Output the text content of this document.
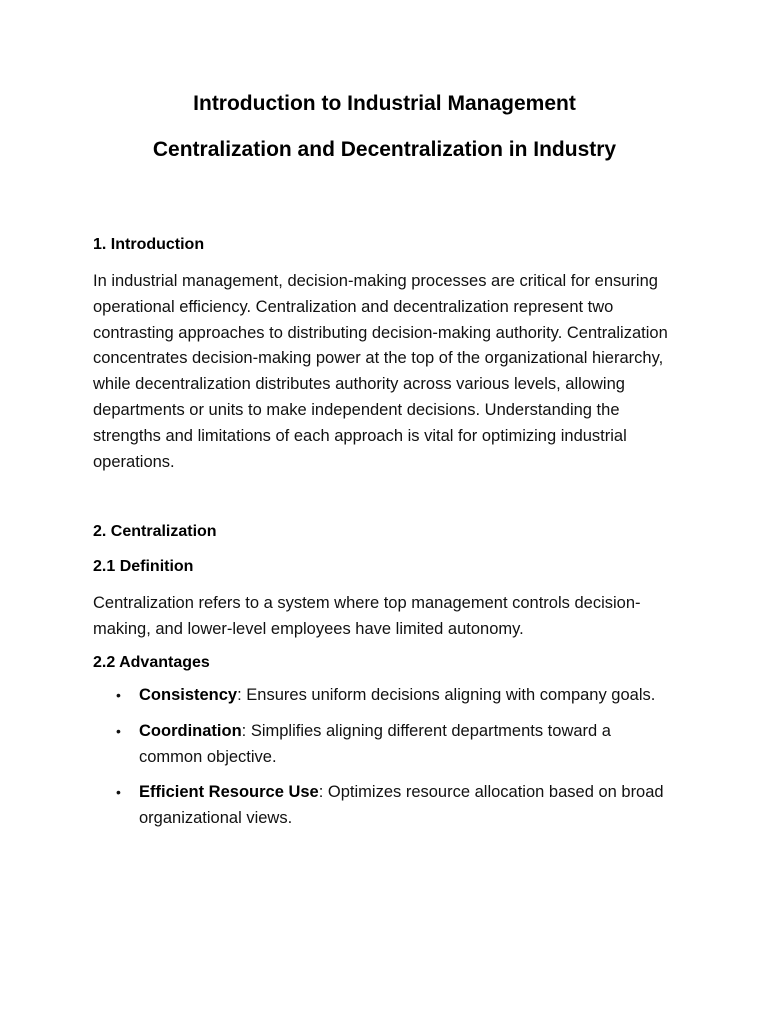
Introduction to Industrial Management
Centralization and Decentralization in Industry
1. Introduction

In industrial management, decision-making processes are critical for ensuring operational efficiency. Centralization and decentralization represent two contrasting approaches to distributing decision-making authority. Centralization concentrates decision-making power at the top of the organizational hierarchy, while decentralization distributes authority across various levels, allowing departments or units to make independent decisions. Understanding the strengths and limitations of each approach is vital for optimizing industrial operations.

2. Centralization
2.1 Definition

Centralization refers to a system where top management controls decision-making, and lower-level employees have limited autonomy.

2.2 Advantages
• Consistency: Ensures uniform decisions aligning with company goals.
• Coordination: Simplifies aligning different departments toward a common objective.
• Efficient Resource Use: Optimizes resource allocation based on broad organizational views.
